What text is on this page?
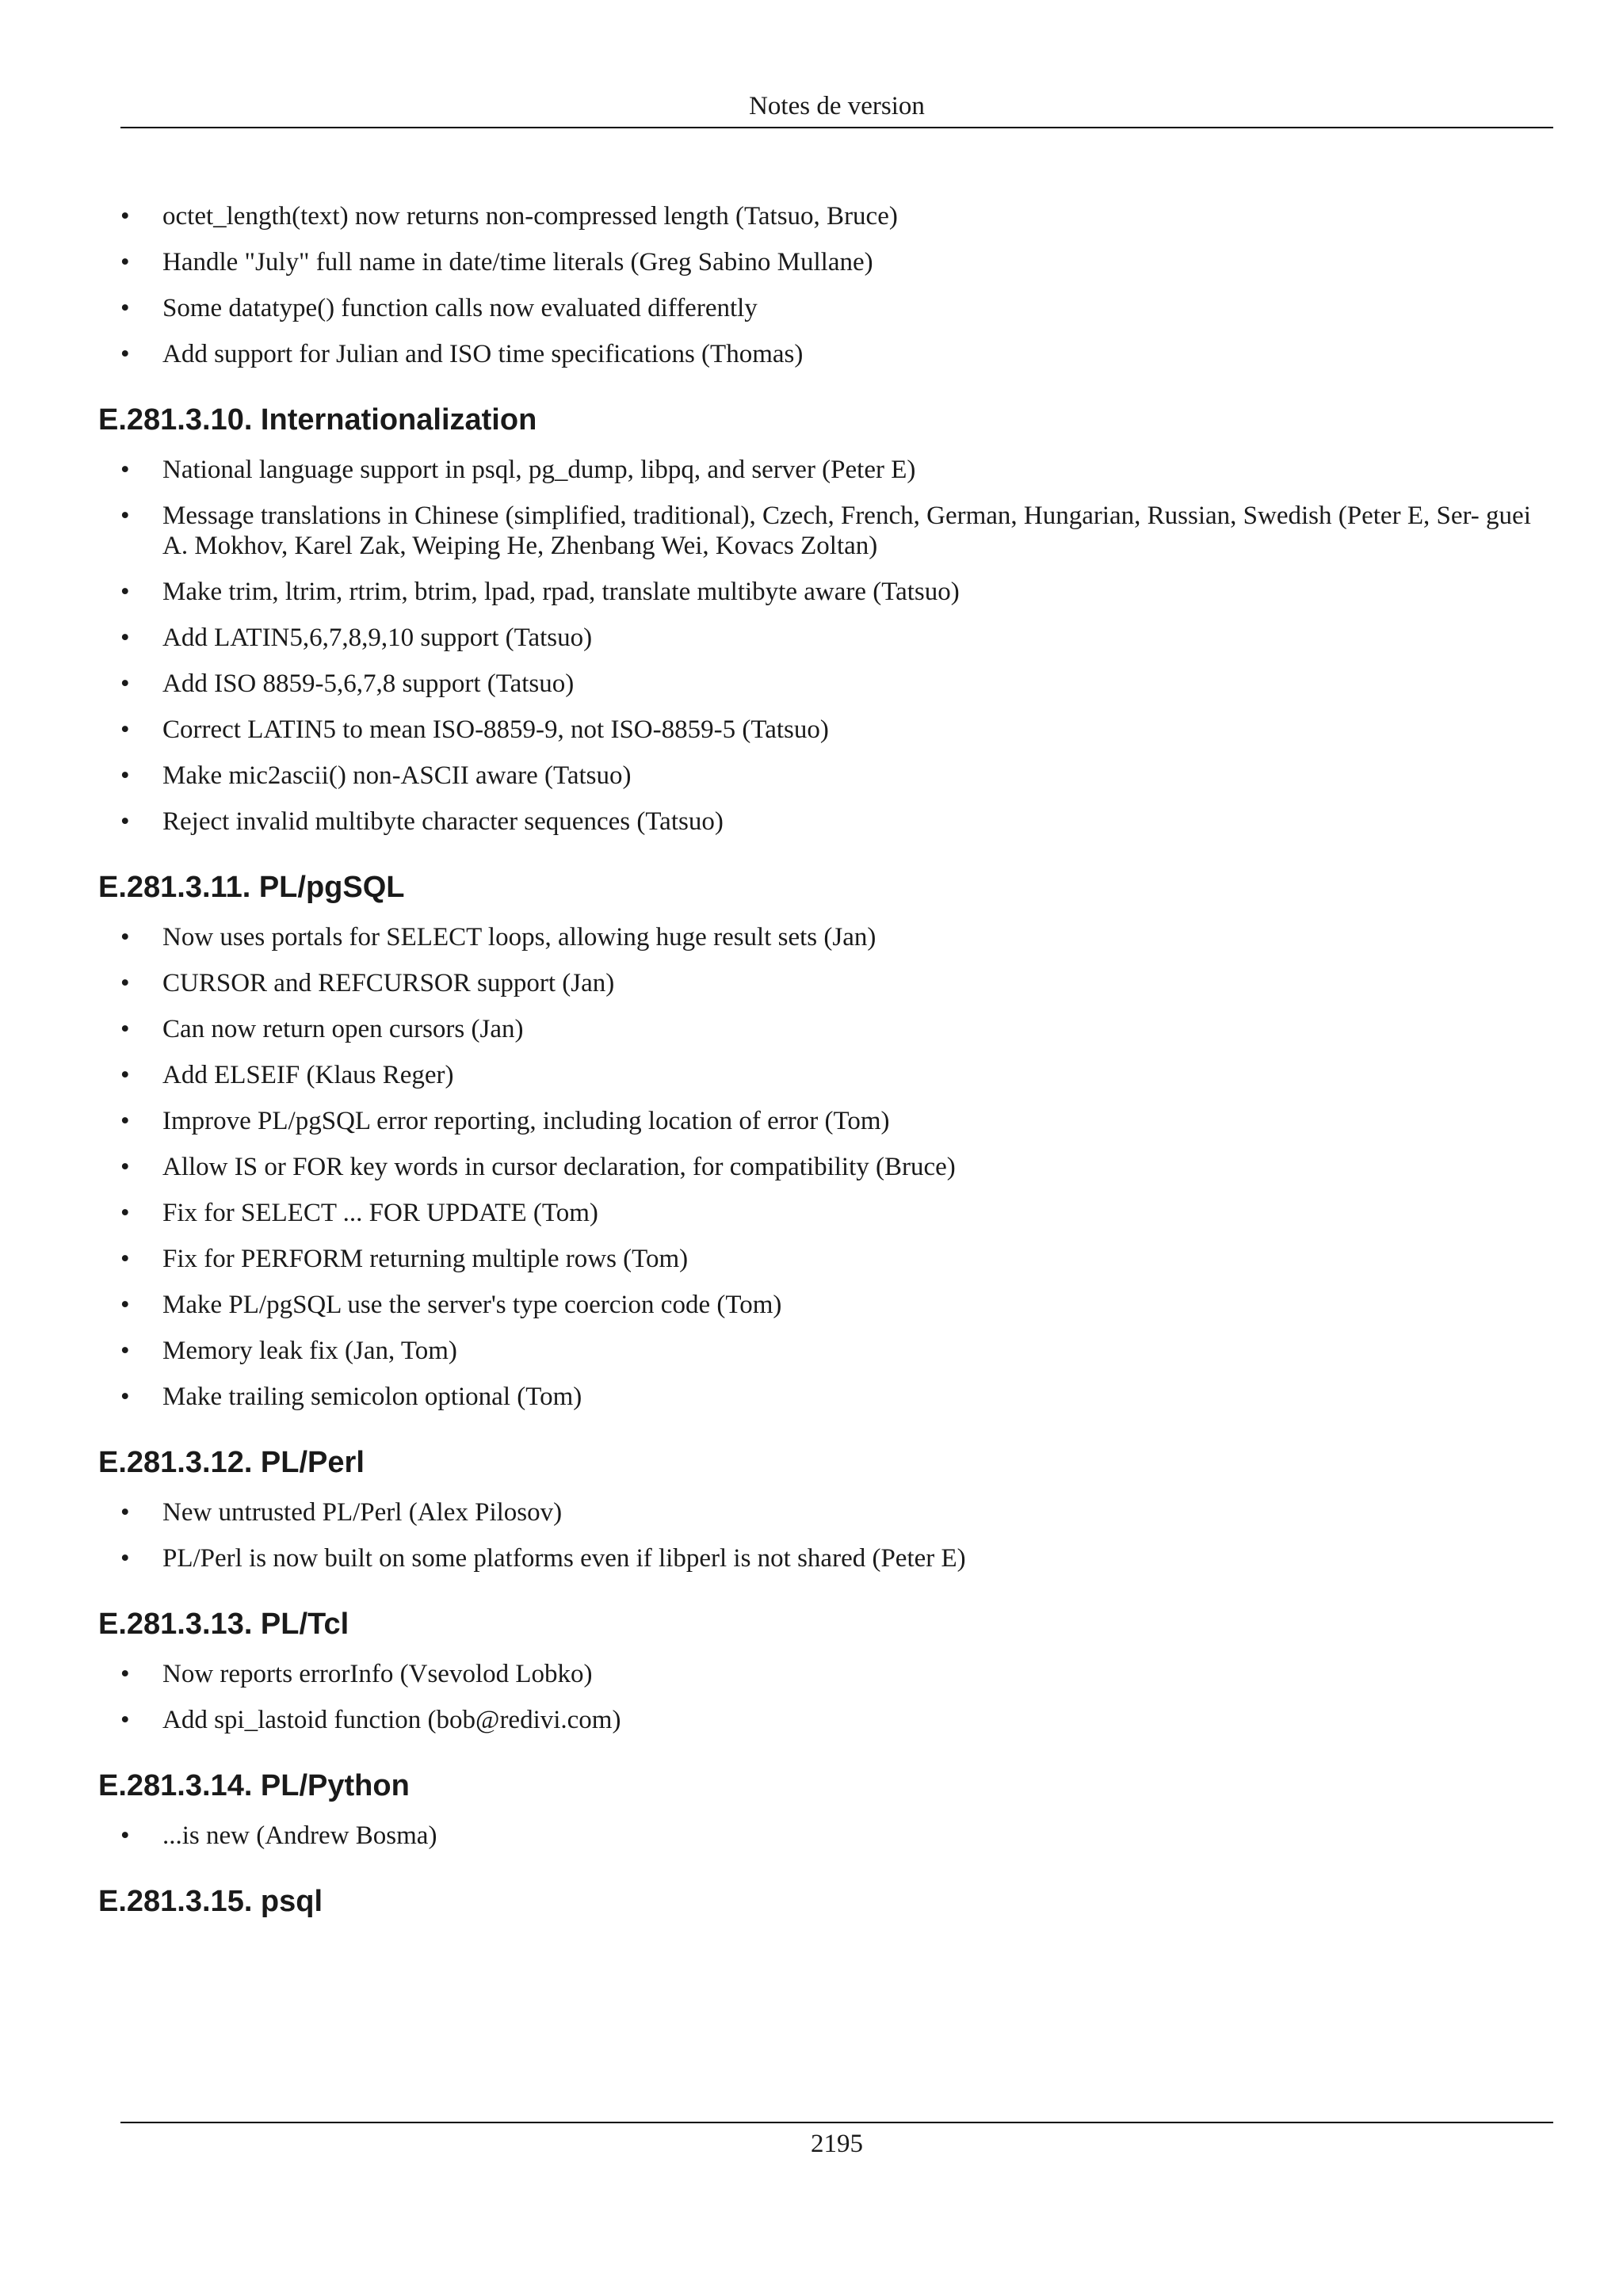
Notes de version
• octet_length(text) now returns non-compressed length (Tatsuo, Bruce)
• Handle "July" full name in date/time literals (Greg Sabino Mullane)
• Some datatype() function calls now evaluated differently
• Add support for Julian and ISO time specifications (Thomas)
E.281.3.10. Internationalization
• National language support in psql, pg_dump, libpq, and server (Peter E)
• Message translations in Chinese (simplified, traditional), Czech, French, German, Hungarian, Russian, Swedish (Peter E, Ser- guei A. Mokhov, Karel Zak, Weiping He, Zhenbang Wei, Kovacs Zoltan)
• Make trim, ltrim, rtrim, btrim, lpad, rpad, translate multibyte aware (Tatsuo)
• Add LATIN5,6,7,8,9,10 support (Tatsuo)
• Add ISO 8859-5,6,7,8 support (Tatsuo)
• Correct LATIN5 to mean ISO-8859-9, not ISO-8859-5 (Tatsuo)
• Make mic2ascii() non-ASCII aware (Tatsuo)
• Reject invalid multibyte character sequences (Tatsuo)
E.281.3.11. PL/pgSQL
• Now uses portals for SELECT loops, allowing huge result sets (Jan)
• CURSOR and REFCURSOR support (Jan)
• Can now return open cursors (Jan)
• Add ELSEIF (Klaus Reger)
• Improve PL/pgSQL error reporting, including location of error (Tom)
• Allow IS or FOR key words in cursor declaration, for compatibility (Bruce)
• Fix for SELECT ... FOR UPDATE (Tom)
• Fix for PERFORM returning multiple rows (Tom)
• Make PL/pgSQL use the server's type coercion code (Tom)
• Memory leak fix (Jan, Tom)
• Make trailing semicolon optional (Tom)
E.281.3.12. PL/Perl
• New untrusted PL/Perl (Alex Pilosov)
• PL/Perl is now built on some platforms even if libperl is not shared (Peter E)
E.281.3.13. PL/Tcl
• Now reports errorInfo (Vsevolod Lobko)
• Add spi_lastoid function (bob@redivi.com)
E.281.3.14. PL/Python
• ...is new (Andrew Bosma)
E.281.3.15. psql
2195
